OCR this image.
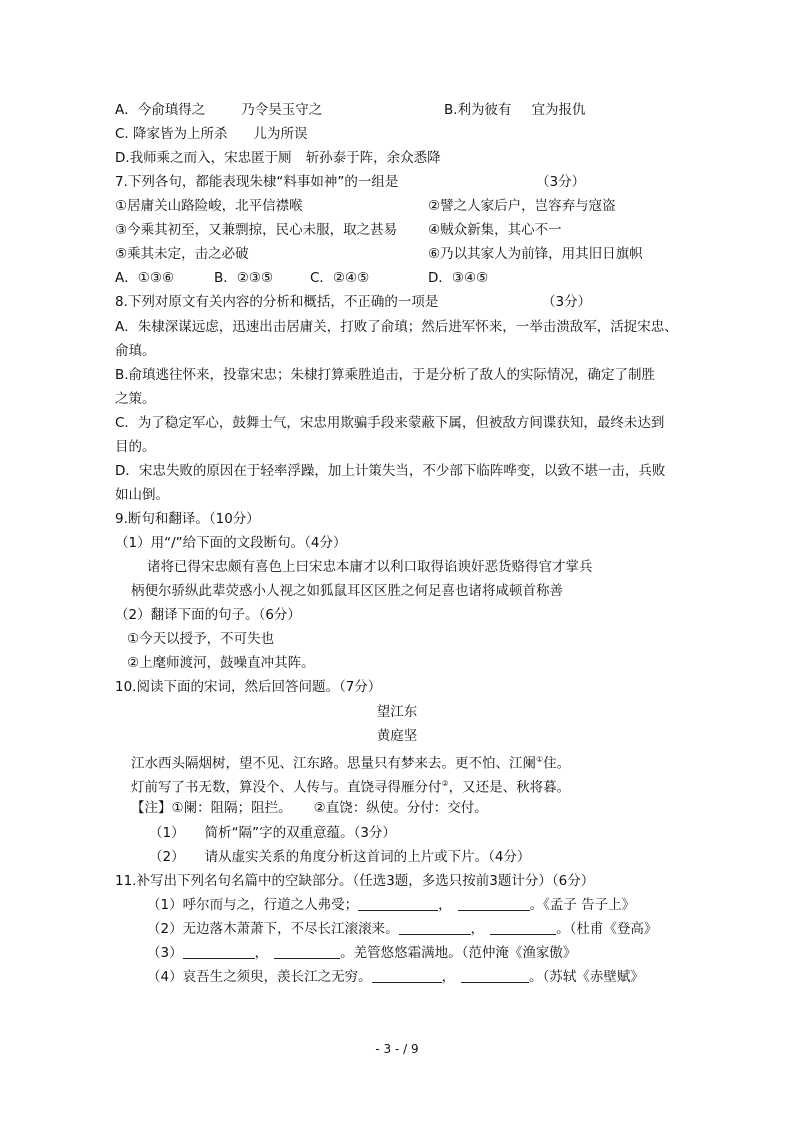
A．今俞瑱得之	乃令吴玉守之	B.利为彼有 宜为报仇
C. 降家皆为上所杀 儿为所误
D.我师乘之而入，宋忠匿于厕 斩孙泰于阵，余众悉降
7.下列各句，都能表现朱棣“料事如神”的一组是	（3分）
①居庸关山路险峻，北平信襟喉	②譬之人家后户，岂容弃与寇盗
③今乘其初至，又兼剽掠，民心未服，取之甚易 ④贼众新集，其心不一
⑤乘其未定，击之必破	⑥乃以其家人为前锋，用其旧日旗帜
A．①③⑥	B．②③⑤	C．②④⑤	D．③④⑤
8.下列对原文有关内容的分析和概括，不正确的一项是	（3分）
A．朱棣深谋远虑，迅速出击居庸关，打败了俞瑱；然后进军怀来，一举击溃敌军，活捉宋忠、
俞瑱。
B.俞瑱逃往怀来，投靠宋忠；朱棣打算乘胜追击，于是分析了敌人的实际情况，确定了制胜
之策。
C．为了稳定军心，鼓舞士气，宋忠用欺骗手段来蒙蔽下属，但被敌方间谍获知，最终未达到
目的。
D．宋忠失败的原因在于轻率浮躁，加上计策失当，不少部下临阵哗变，以致不堪一击，兵败
如山倒。
9.断句和翻译。（10分）
（1）用“/”给下面的文段断句。（4分）
诸将已得宋忠颇有喜色上曰宋忠本庸才以利口取得谄谀奸恶货赂得官才掌兵
柄便尔骄纵此辈荧惑小人视之如狐鼠耳区区胜之何足喜也诸将咸顿首称善
（2）翻译下面的句子。（6分）
①今天以授予，不可失也
②上麾师渡河，鼓噪直冲其阵。
10.阅读下面的宋词，然后回答问题。（7分）
望江东
黄庭坚
江水西头隔烟树，望不见、江东路。思量只有梦来去。更不怕、江阑①住。
灯前写了书无数，算没个、人传与。直饶寻得雁分付②，又还是、秋将暮。
【注】①阑：阻隔；阻拦。 ②直饶：纵使。分付：交付。
（1） 简析“隔”字的双重意蕴。（3分）
（2） 请从虚实关系的角度分析这首词的上片或下片。（4分）
11.补写出下列名句名篇中的空缺部分。（任选3题，多选只按前3题计分）（6分）
（1）呼尔而与之，行道之人弗受；	，	。《孟子 告子上》
（2）无边落木萧萧下，不尽长江滚滚来。	，	。（杜甫《登高》
（3）	，	。羌管悠悠霜满地。（范仲淹《渔家傲》
（4）哀吾生之须臾，羡长江之无穷。	，	。（苏轼《赤壁赋》
- 3 - / 9
